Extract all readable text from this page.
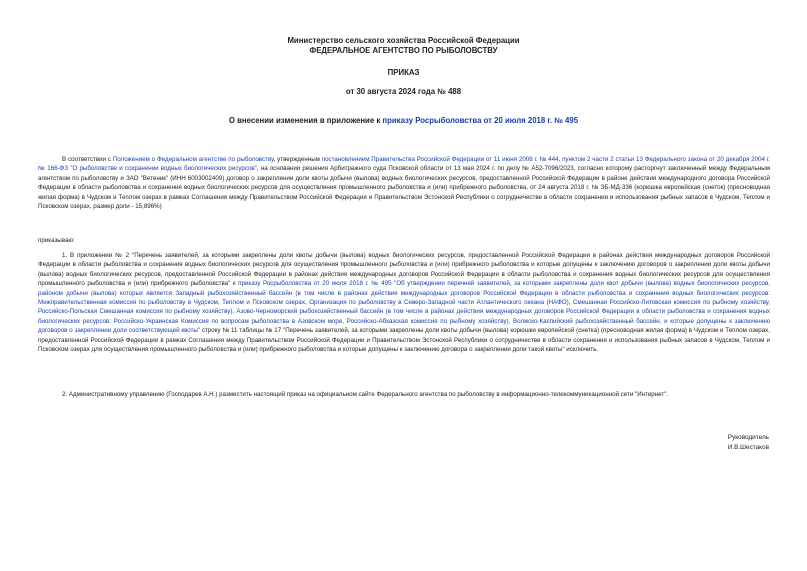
Министерство сельского хозяйства Российской Федерации
ФЕДЕРАЛЬНОЕ АГЕНТСТВО ПО РЫБОЛОВСТВУ
ПРИКАЗ
от 30 августа 2024 года № 488
О внесении изменения в приложение к приказу Росрыболовства от 20 июля 2018 г. № 495
В соответствии с Положением о Федеральном агентстве по рыболовству, утвержденным постановлением Правительства Российской Федерации от 11 июня 2008 г. № 444, пунктом 2 части 2 статьи 13 Федерального закона от 20 декабря 2004 г. № 166-ФЗ "О рыболовстве и сохранении водных биологических ресурсов", на основании решения Арбитражного суда Псковской области от 13 мая 2024 г. по делу № А52-7096/2023, согласно которому расторгнут заключенный между Федеральным агентством по рыболовству и ЗАО "Ветеник" (ИНН 6003002409) договор о закреплении доли квоты добычи (вылова) водных биологических ресурсов, предоставленной Российской Федерации в районе действия международного договора Российской Федерации в области рыболовства и сохранения водных биологических ресурсов для осуществления промышленного рыболовства и (или) прибрежного рыболовства, от 24 августа 2018 г. № ЗБ-МД-336 (корюшка европейская (снеток) (пресноводная жилая форма) в Чудском и Теплом озерах в рамках Соглашения между Правительством Российской Федерации и Правительством Эстонской Республики о сотрудничестве в области сохранения и использования рыбных запасов в Чудском, Теплом и Псковском озерах, размер доли - 15,896%)
приказываю:
1. В приложении № 2 "Перечень заявителей, за которыми закреплены доли квоты добычи (вылова) водных биологических ресурсов, предоставленной Российской Федерации в районах действия международных договоров Российской Федерации в области рыболовства и сохранения водных биологических ресурсов для осуществления промышленного рыболовства и (или) прибрежного рыболовства и которые допущены к заключению договоров о закреплении доли квоты добычи (вылова) водных биологических ресурсов, предоставленной Российской Федерации в районах действия международных договоров Российской Федерации в области рыболовства и сохранения водных биологических ресурсов для осуществления промышленного рыболовства и (или) прибрежного рыболовства" к приказу Росрыболовства от 20 июля 2018 г. № 495 "Об утверждении перечней заявителей, за которыми закреплены доли квот добычи (вылова) водных биологических ресурсов, районом добычи (вылова) которых является Западный рыбохозяйственный бассейн (в том числе в районах действия международных договоров Российской Федерации в области рыболовства и сохранения водных биологических ресурсов: Межправительственная комиссия по рыболовству в Чудском, Теплом и Псковском озерах, Организация по рыболовству в Северо-Западной части Атлантического океана (НАФО), Смешанная Российско-Литовская комиссия по рыбному хозяйству, Российско-Польская Смешанная комиссия по рыбному хозяйству), Азово-Черноморский рыбохозяйственный бассейн (в том числе в районах действия международных договоров Российской Федерации в области рыболовства и сохранения водных биологических ресурсов: Российско-Украинская Комиссия по вопросам рыболовства в Азовском море, Российско-Абхазская комиссия по рыбному хозяйству), Волжско-Каспийский рыбохозяйственный бассейн, и которые допущены к заключению договоров о закреплении доли соответствующей квоты" строку № 11 таблицы № 17 "Перечень заявителей, за которыми закреплены доли квоты добычи (вылова) корюшки европейской (снетка) (пресноводная жилая форма) в Чудском и Теплом озерах, предоставленной Российской Федерации в рамках Соглашения между Правительством Российской Федерации и Правительством Эстонской Республики о сотрудничестве в области сохранения и использования рыбных запасов в Чудском, Теплом и Псковском озерах для осуществления промышленного рыболовства и (или) прибрежного рыболовства и которые допущены к заключению договора о закреплении доли такой квоты" исключить.
2. Административному управлению (Господарев А.Н.) разместить настоящий приказ на официальном сайте Федерального агентства по рыболовству в информационно-телекоммуникационной сети "Интернет".
Руководитель
И.В.Шестаков
